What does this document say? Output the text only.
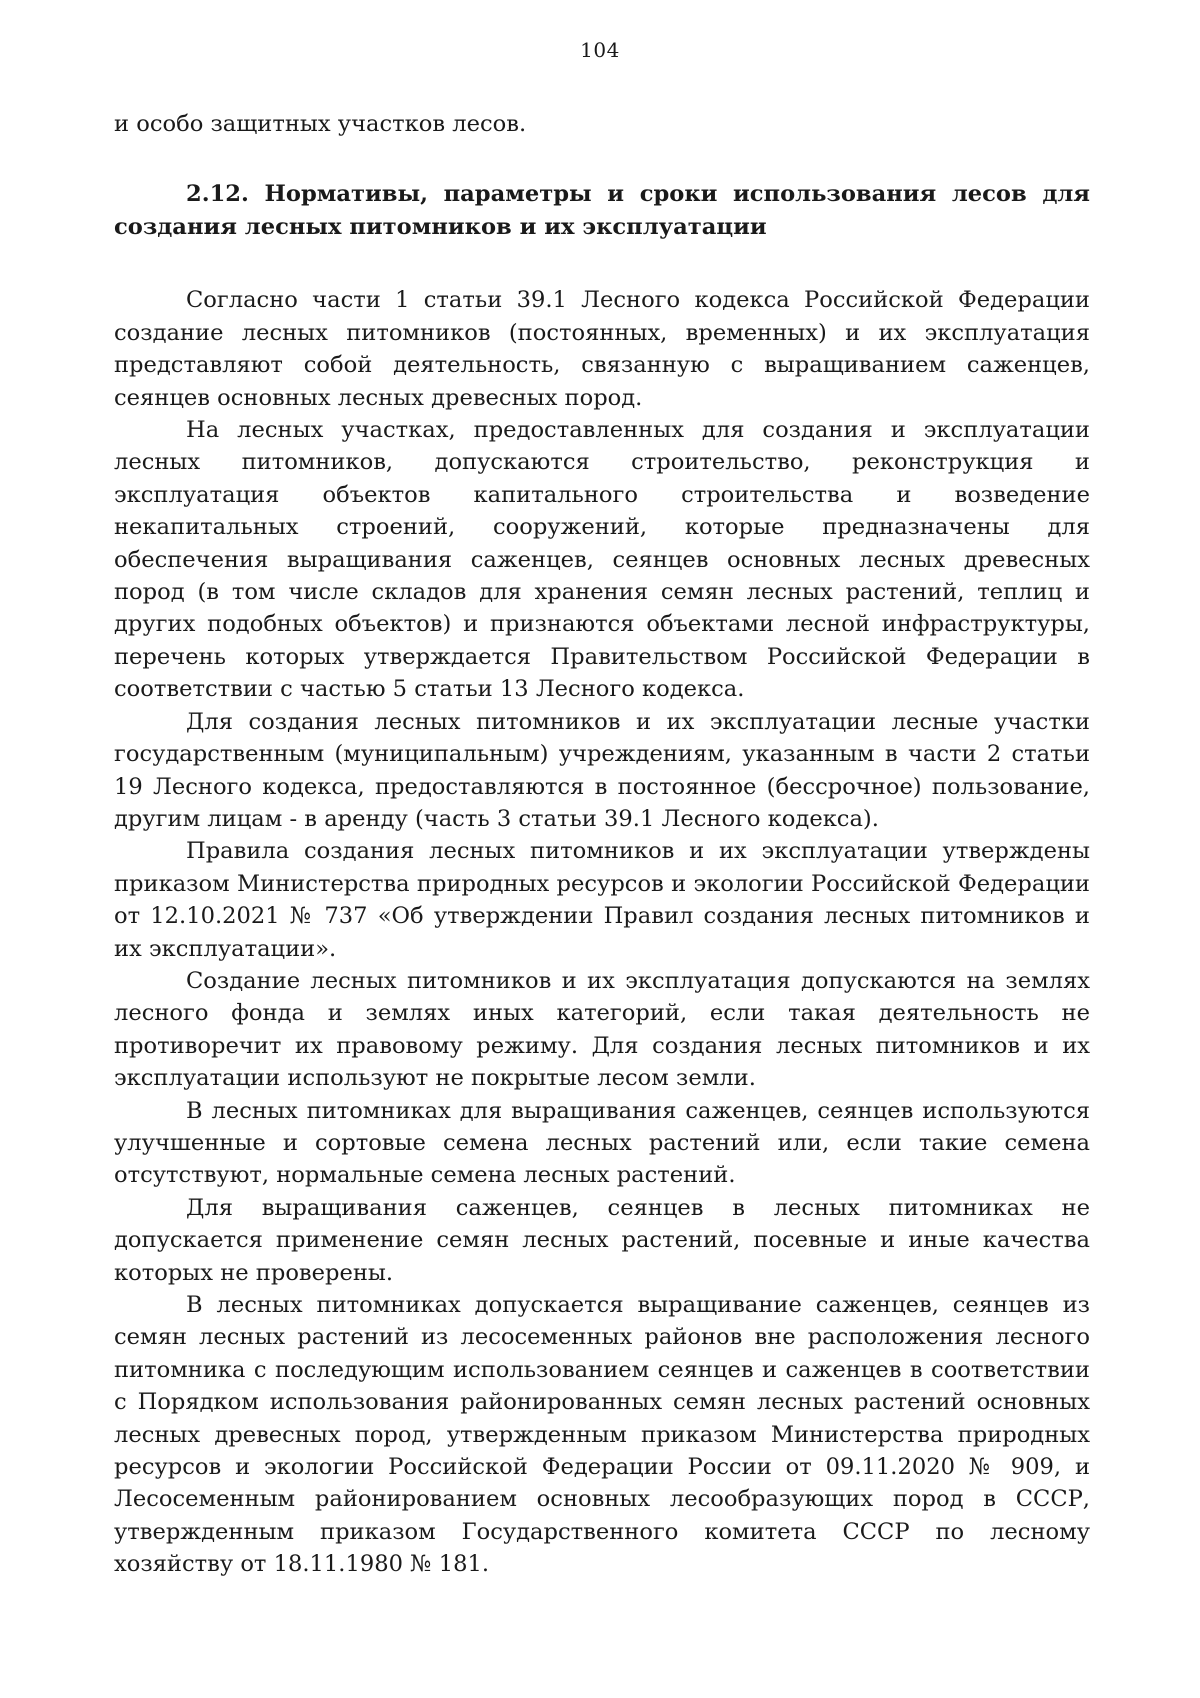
104

и особо защитных участков лесов.

2.12. Нормативы, параметры и сроки использования лесов для создания лесных питомников и их эксплуатации

Согласно части 1 статьи 39.1 Лесного кодекса Российской Федерации создание лесных питомников (постоянных, временных) и их эксплуатация представляют собой деятельность, связанную с выращиванием саженцев, сеянцев основных лесных древесных пород.

На лесных участках, предоставленных для создания и эксплуатации лесных питомников, допускаются строительство, реконструкция и эксплуатация объектов капитального строительства и возведение некапитальных строений, сооружений, которые предназначены для обеспечения выращивания саженцев, сеянцев основных лесных древесных пород (в том числе складов для хранения семян лесных растений, теплиц и других подобных объектов) и признаются объектами лесной инфраструктуры, перечень которых утверждается Правительством Российской Федерации в соответствии с частью 5 статьи 13 Лесного кодекса.

Для создания лесных питомников и их эксплуатации лесные участки государственным (муниципальным) учреждениям, указанным в части 2 статьи 19 Лесного кодекса, предоставляются в постоянное (бессрочное) пользование, другим лицам - в аренду (часть 3 статьи 39.1 Лесного кодекса).

Правила создания лесных питомников и их эксплуатации утверждены приказом Министерства природных ресурсов и экологии Российской Федерации от 12.10.2021 № 737 «Об утверждении Правил создания лесных питомников и их эксплуатации».

Создание лесных питомников и их эксплуатация допускаются на землях лесного фонда и землях иных категорий, если такая деятельность не противоречит их правовому режиму. Для создания лесных питомников и их эксплуатации используют не покрытые лесом земли.

В лесных питомниках для выращивания саженцев, сеянцев используются улучшенные и сортовые семена лесных растений или, если такие семена отсутствуют, нормальные семена лесных растений.

Для выращивания саженцев, сеянцев в лесных питомниках не допускается применение семян лесных растений, посевные и иные качества которых не проверены.

В лесных питомниках допускается выращивание саженцев, сеянцев из семян лесных растений из лесосеменных районов вне расположения лесного питомника с последующим использованием сеянцев и саженцев в соответствии с Порядком использования районированных семян лесных растений основных лесных древесных пород, утвержденным приказом Министерства природных ресурсов и экологии Российской Федерации России от 09.11.2020 № 909, и Лесосеменным районированием основных лесообразующих пород в СССР, утвержденным приказом Государственного комитета СССР по лесному хозяйству от 18.11.1980 № 181.
